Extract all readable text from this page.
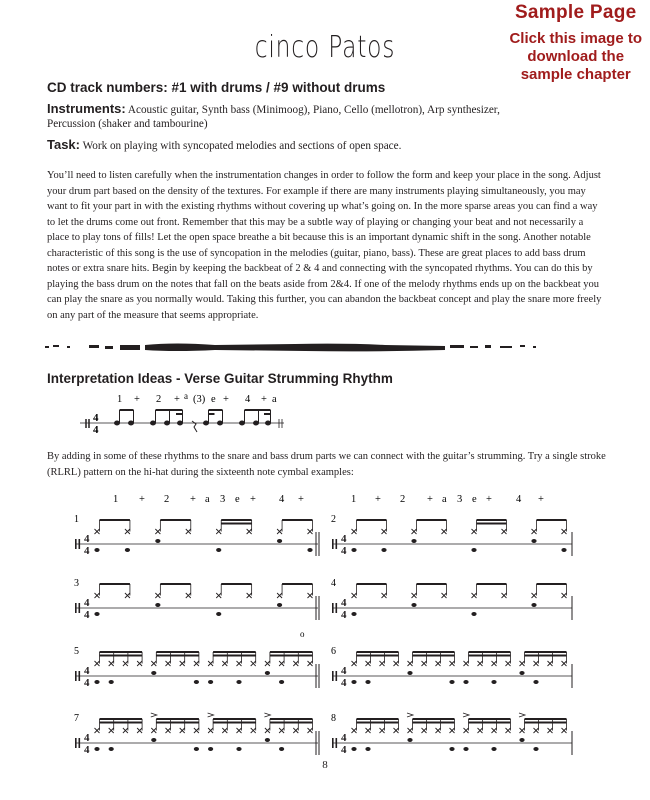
Sample Page
Click this image to
download the
sample chapter
cinco Patos
CD track numbers: #1 with drums / #9 without drums
Instruments: Acoustic guitar, Synth bass (Minimoog), Piano, Cello (mellotron), Arp synthesizer,
Percussion (shaker and tambourine)
Task: Work on playing with syncopated melodies and sections of open space.
You’ll need to listen carefully when the instrumentation changes in order to follow the form and keep your place in the song. Adjust your drum part based on the density of the textures. For example if there are many instruments playing simultaneously, you may want to fit your part in with the existing rhythms without covering up what’s going on. In the more sparse areas you can find a way to let the drums come out front. Remember that this may be a subtle way of playing or changing your beat and not necessarily a place to play tons of fills! Let the open space breathe a bit because this is an important dynamic shift in the song. Another notable characteristic of this song is the use of syncopation in the melodies (guitar, piano, bass). These are great places to add bass drum notes or extra snare hits. Begin by keeping the backbeat of 2 & 4 and connecting with the syncopated rhythms. You can do this by playing the bass drum on the notes that fall on the beats aside from 2&4. If one of the melody rhythms ends up on the backbeat you can play the snare as you normally would. Taking this further, you can abandon the backbeat concept and play the snare more freely on any part of the measure that seems appropriate.
Interpretation Ideas - Verse Guitar Strumming Rhythm
1 + 2 + a (3) e + 4 + a
4
4
By adding in some of these rhythms to the snare and bass drum parts we can connect with the guitar’s strumming. Try a single stroke (RLRL) pattern on the hi-hat during the sixteenth note cymbal examples:
1 + 2 + a 3 e + 4 +	1 + 2 + a 3 e + 4 +
1	2
3	4
5	6
7	8
o
4
4
4
4
4
4
4
4
4
4
4
4
4
4
4
4
8
